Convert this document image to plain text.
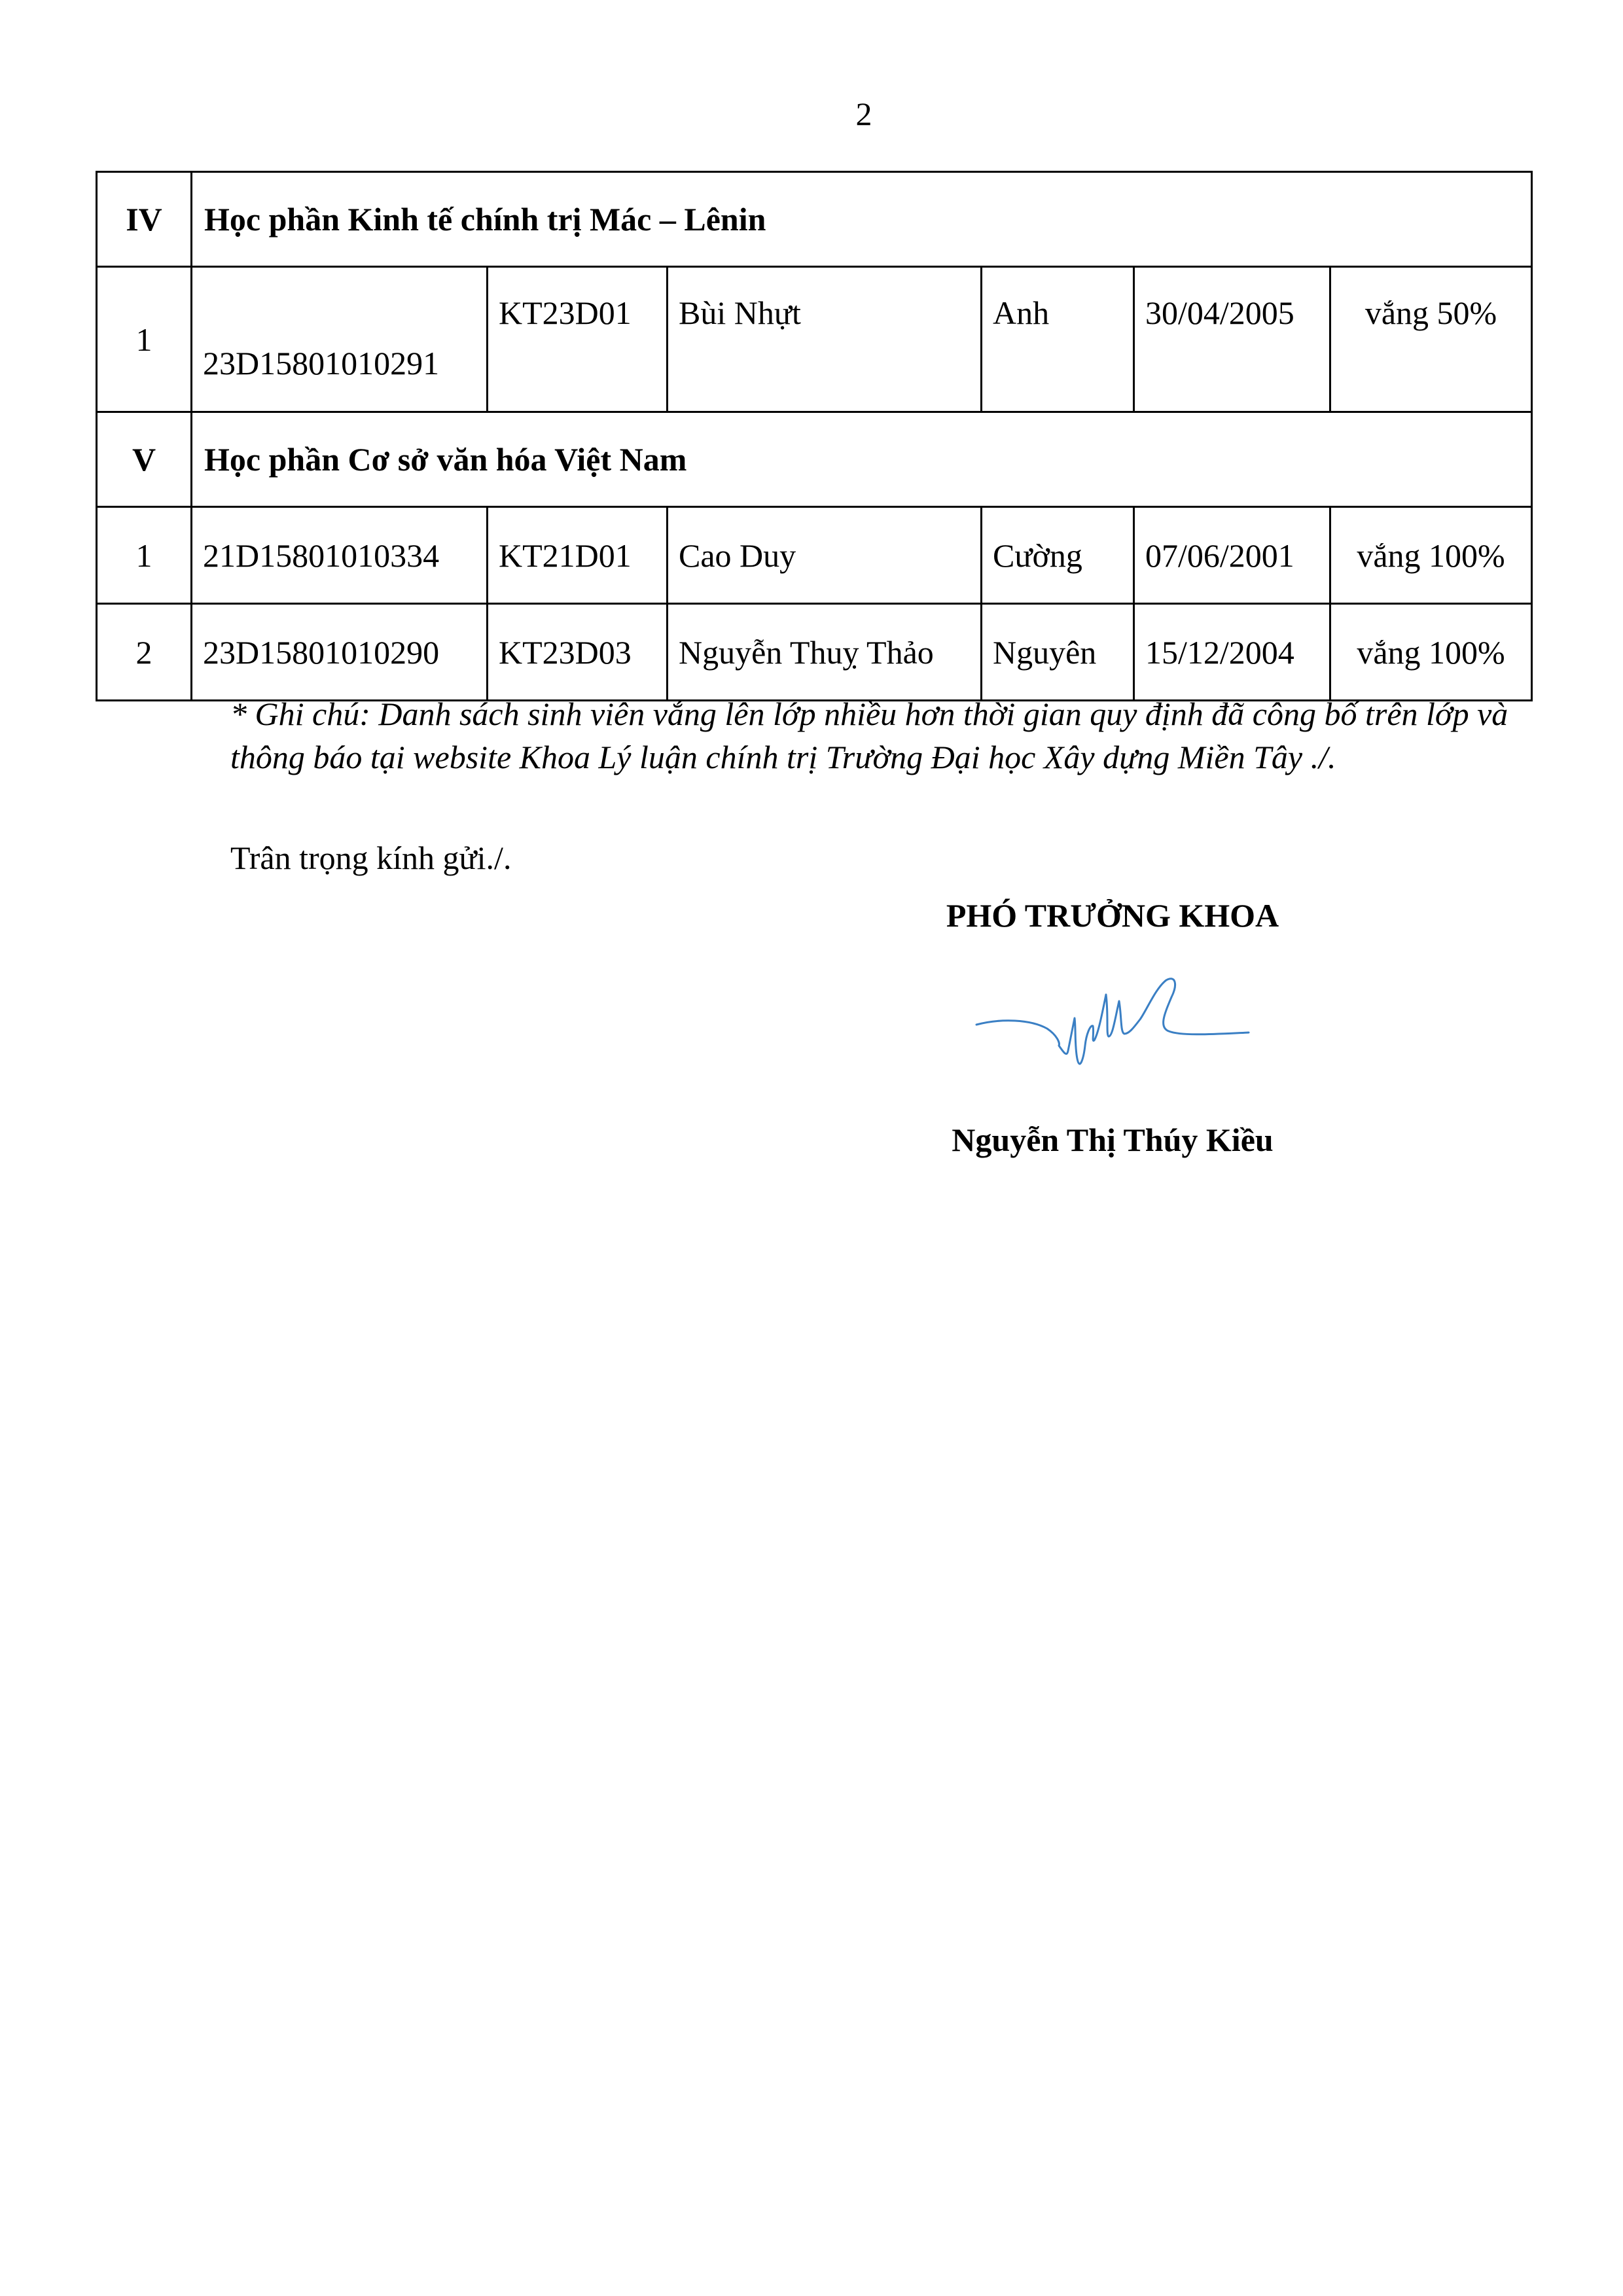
2
IV	Học phần Kinh tế chính trị Mác – Lênin					
1	23D15801010291	KT23D01	Bùi Nhựt	Anh	30/04/2005	vắng 50%
V	Học phần Cơ sở văn hóa Việt Nam					
1	21D15801010334	KT21D01	Cao Duy	Cường	07/06/2001	vắng 100%
2	23D15801010290	KT23D03	Nguyễn Thuỵ Thảo	Nguyên	15/12/2004	vắng 100%
* Ghi chú: Danh sách sinh viên vắng lên lớp nhiều hơn thời gian quy định đã công bố trên lớp và thông báo tại website Khoa Lý luận chính trị Trường Đại học Xây dựng Miền Tây ./.
Trân trọng kính gửi./.
PHÓ TRƯỞNG KHOA
Nguyễn Thị Thúy Kiều
